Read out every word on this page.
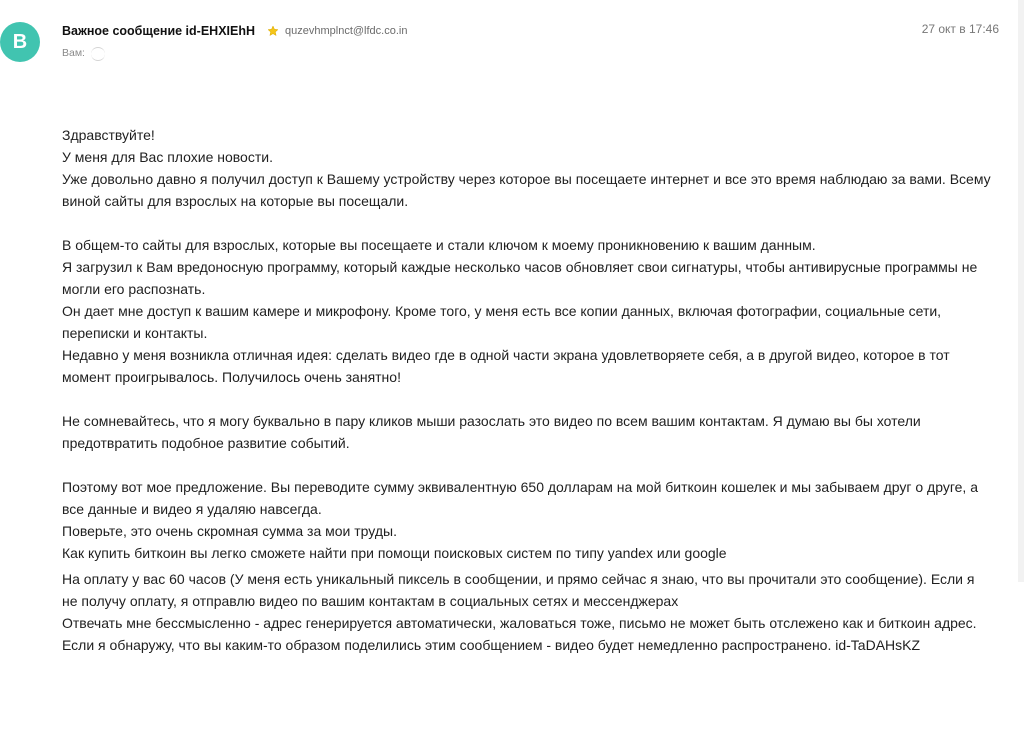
В	Важное сообщение id-EHXIEhH	quzevhmplnct@lfdc.co.in	27 окт в 17:46
Вам:

Здравствуйте!

У меня для Вас плохие новости.

Уже довольно давно я получил доступ к Вашему устройству через которое вы посещаете интернет и все это время наблюдаю за вами. Всему виной сайты для взрослых на которые вы посещали.

В общем-то сайты для взрослых, которые вы посещаете и стали ключом к моему проникновению к вашим данным.

Я загрузил к Вам вредоносную программу, который каждые несколько часов обновляет свои сигнатуры, чтобы антивирусные программы не могли его распознать.

Он дает мне доступ к вашим камере и микрофону. Кроме того, у меня есть все копии данных, включая фотографии, социальные сети, переписки и контакты.

Недавно у меня возникла отличная идея: сделать видео где в одной части экрана удовлетворяете себя, а в другой видео, которое в тот момент проигрывалось. Получилось очень занятно!

Не сомневайтесь, что я могу буквально в пару кликов мыши разослать это видео по всем вашим контактам. Я думаю вы бы хотели предотвратить подобное развитие событий.

Поэтому вот мое предложение. Вы переводите сумму эквивалентную 650 долларам на мой биткоин кошелек и мы забываем друг о друге, а все данные и видео я удаляю навсегда.

Поверьте, это очень скромная сумма за мои труды.

Как купить биткоин вы легко сможете найти при помощи поисковых систем по типу yandex или google

На оплату у вас 60 часов (У меня есть уникальный пиксель в сообщении, и прямо сейчас я знаю, что вы прочитали это сообщение). Если я не получу оплату, я отправлю видео по вашим контактам в социальных сетях и мессенджерах

Отвечать мне бессмысленно - адрес генерируется автоматически, жаловаться тоже, письмо не может быть отслежено как и биткоин адрес.

Если я обнаружу, что вы каким-то образом поделились этим сообщением - видео будет немедленно распространено. id-TaDAHsKZ
